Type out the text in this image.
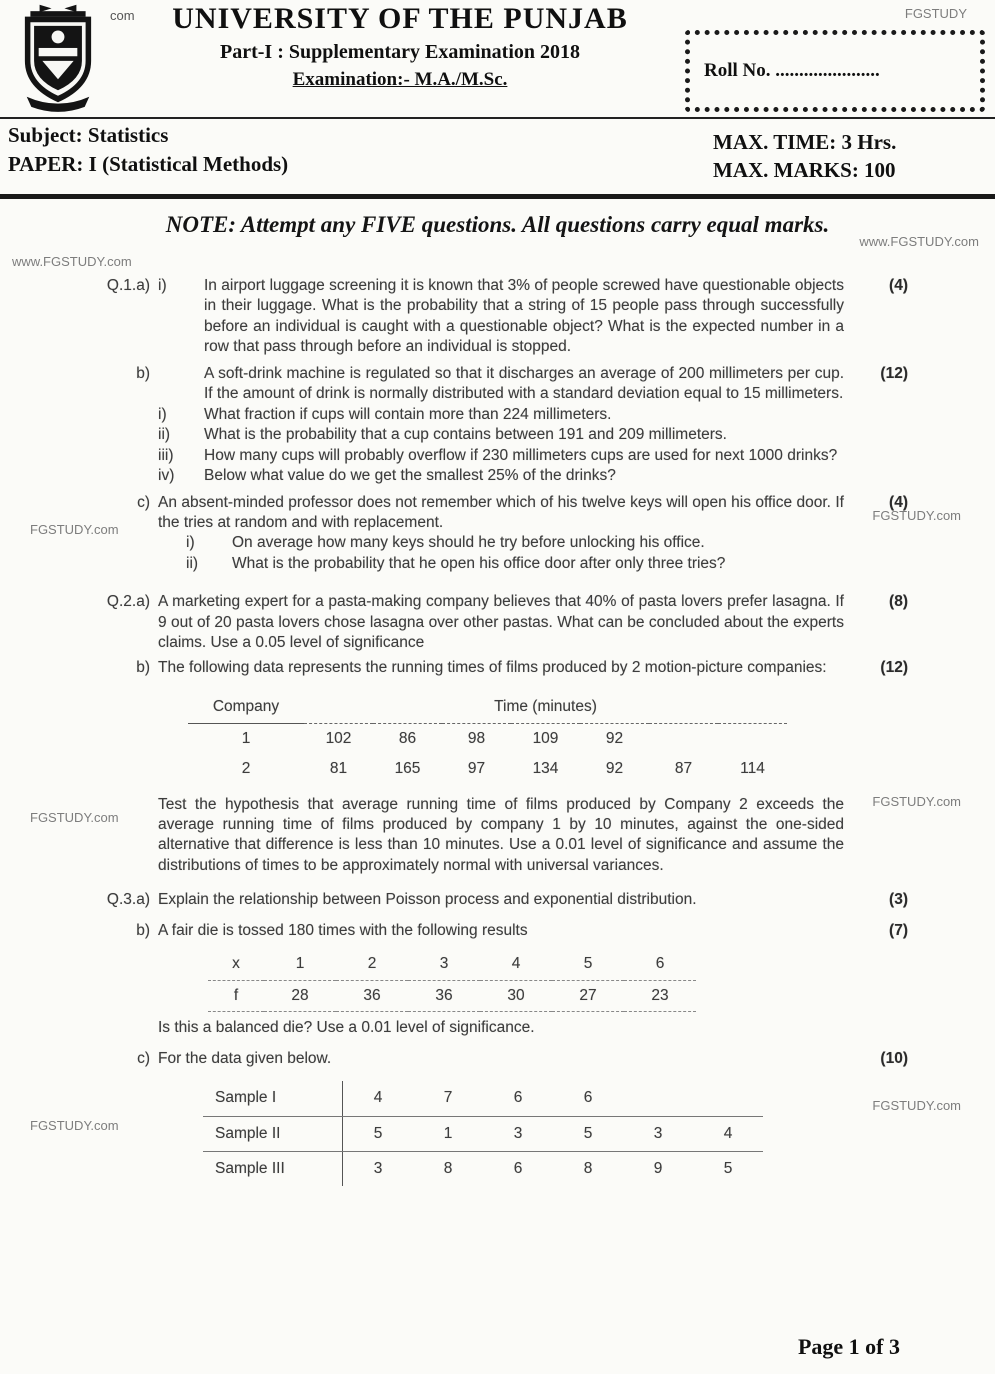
com	FGSTUDY
UNIVERSITY OF THE PUNJAB
Part-I : Supplementary Examination 2018
Examination:- M.A./M.Sc.	Roll No. ......................
Subject: Statistics
PAPER: I (Statistical Methods)
MAX. TIME: 3 Hrs.
MAX. MARKS: 100
NOTE: Attempt any FIVE questions. All questions carry equal marks.
www.FGSTUDY.com
www.FGSTUDY.com
FGSTUDY.com
FGSTUDY.com
FGSTUDY.com
FGSTUDY.com
FGSTUDY.com
FGSTUDY.com
Q.1.a) i)	In airport luggage screening it is known that 3% of people screwed have questionable objects in their luggage. What is the probability that a string of 15 people pass through successfully before an individual is caught with a questionable object? What is the expected number in a row that pass through before an individual is stopped.
(4)
b)	A soft-drink machine is regulated so that it discharges an average of 200 millimeters per cup. If the amount of drink is normally distributed with a standard deviation equal to 15 millimeters.
(12)
i)	What fraction if cups will contain more than 224 millimeters.
ii)	What is the probability that a cup contains between 191 and 209 millimeters.
iii)	How many cups will probably overflow if 230 millimeters cups are used for next 1000 drinks?
iv)	Below what value do we get the smallest 25% of the drinks?
c) An absent-minded professor does not remember which of his twelve keys will open his office door. If the tries at random and with replacement.
(4)
i)	On average how many keys should he try before unlocking his office.
ii)	What is the probability that he open his office door after only three tries?
Q.2.a) A marketing expert for a pasta-making company believes that 40% of pasta lovers prefer lasagna. If 9 out of 20 pasta lovers chose lasagna over other pastas. What can be concluded about the experts claims. Use a 0.05 level of significance
(8)
b) The following data represents the running times of films produced by 2 motion-picture companies:	(12)
Company	Time (minutes)						
1	102	86	98	109	92		
2	81	165	97	134	92	87	114
Test the hypothesis that average running time of films produced by Company 2 exceeds the average running time of films produced by company 1 by 10 minutes, against the one-sided alternative that difference is less than 10 minutes. Use a 0.01 level of significance and assume the distributions of times to be approximately normal with universal variances.
Q.3.a) Explain the relationship between Poisson process and exponential distribution.	(3)
b) A fair die is tossed 180 times with the following results	(7)
x	1	2	3	4	5	6
f	28	36	36	30	27	23
Is this a balanced die? Use a 0.01 level of significance.
c) For the data given below.	(10)
Sample I	4	7	6	6		
Sample II	5	1	3	5	3	4
Sample III	3	8	6	8	9	5
Page 1 of 3
